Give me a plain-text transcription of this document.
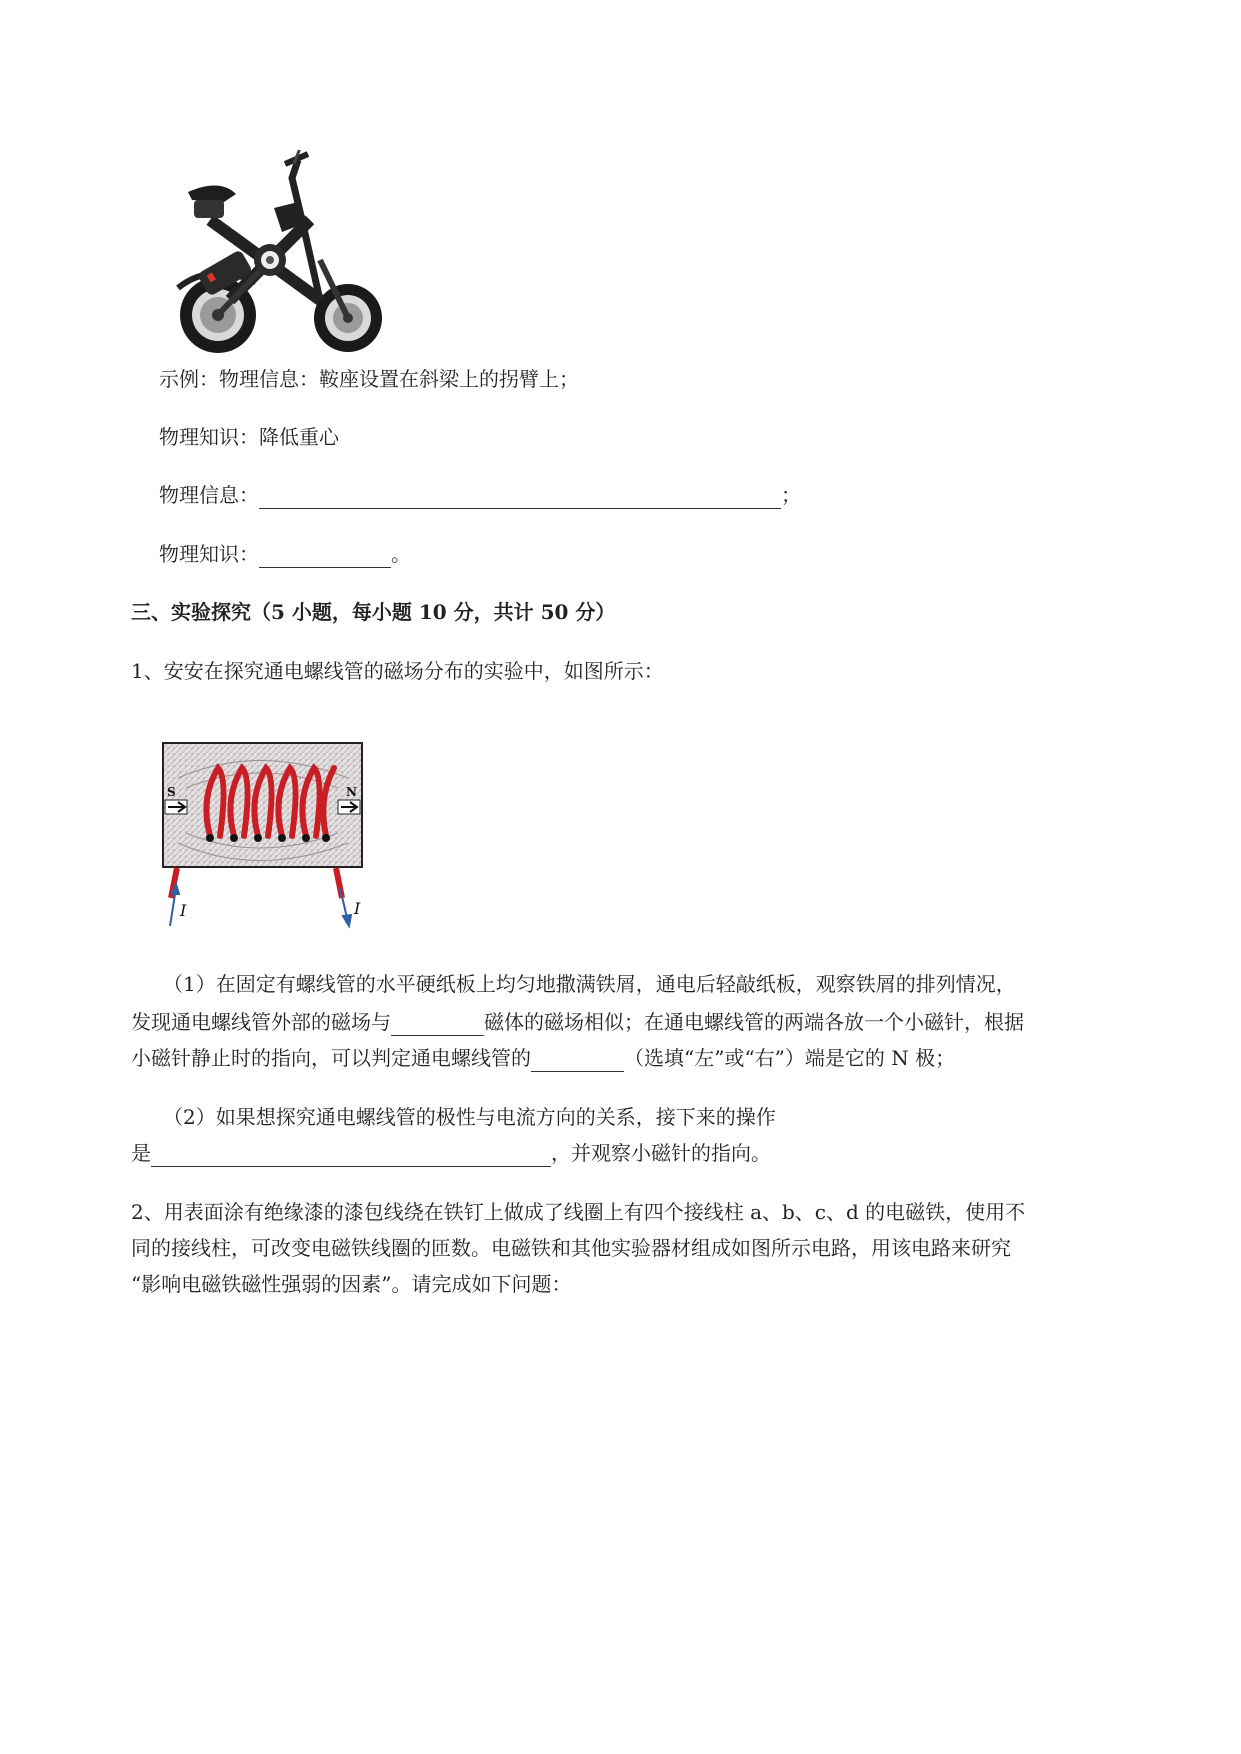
示例：物理信息：鞍座设置在斜梁上的拐臂上；
物理知识：降低重心
物理信息：	；
物理知识：	。
三、实验探究（5 小题，每小题 10 分，共计 50 分）
1、安安在探究通电螺线管的磁场分布的实验中，如图所示：
S	N
I	I
（1）在固定有螺线管的水平硬纸板上均匀地撒满铁屑，通电后轻敲纸板，观察铁屑的排列情况，
发现通电螺线管外部的磁场与	磁体的磁场相似；在通电螺线管的两端各放一个小磁针，根据
小磁针静止时的指向，可以判定通电螺线管的	（选填“左”或“右”）端是它的 N 极；
（2）如果想探究通电螺线管的极性与电流方向的关系，接下来的操作
是	，并观察小磁针的指向。
2、用表面涂有绝缘漆的漆包线绕在铁钉上做成了线圈上有四个接线柱 a、b、c、d 的电磁铁，使用不
同的接线柱，可改变电磁铁线圈的匝数。电磁铁和其他实验器材组成如图所示电路，用该电路来研究
“影响电磁铁磁性强弱的因素”。请完成如下问题：
